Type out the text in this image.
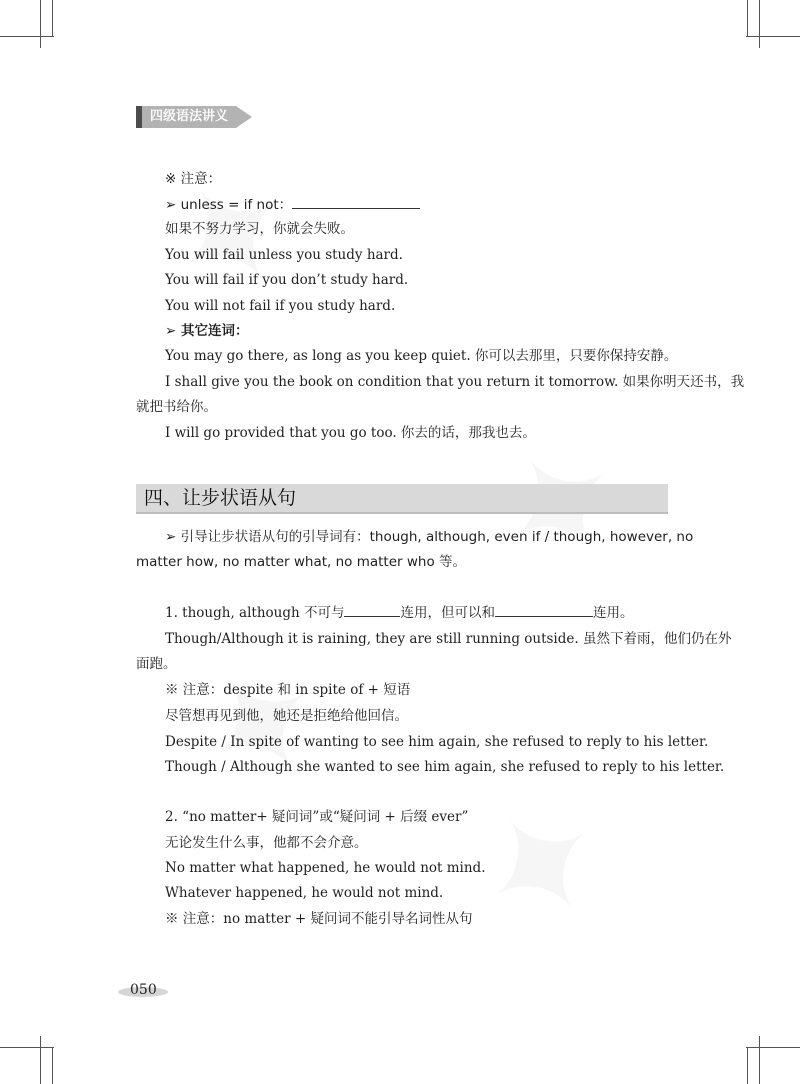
四级语法讲义
※ 注意：
➢ unless = if not：
如果不努力学习，你就会失败。
You will fail unless you study hard.
You will fail if you don’t study hard.
You will not fail if you study hard.
➢ 其它连词：
You may go there, as long as you keep quiet. 你可以去那里，只要你保持安静。
I shall give you the book on condition that you return it tomorrow. 如果你明天还书，我
就把书给你。
I will go provided that you go too. 你去的话，那我也去。
四、让步状语从句
➢ 引导让步状语从句的引导词有：though, although, even if / though, however, no
matter how, no matter what, no matter who 等。
1. though, although 不可与	连用，但可以和	连用。
Though/Although it is raining, they are still running outside. 虽然下着雨，他们仍在外
面跑。
※ 注意：despite 和 in spite of + 短语
尽管想再见到他，她还是拒绝给他回信。
Despite / In spite of wanting to see him again, she refused to reply to his letter.
Though / Although she wanted to see him again, she refused to reply to his letter.
2. “no matter+ 疑问词”或“疑问词 + 后缀 ever”
无论发生什么事，他都不会介意。
No matter what happened, he would not mind.
Whatever happened, he would not mind.
※ 注意：no matter + 疑问词不能引导名词性从句
050
